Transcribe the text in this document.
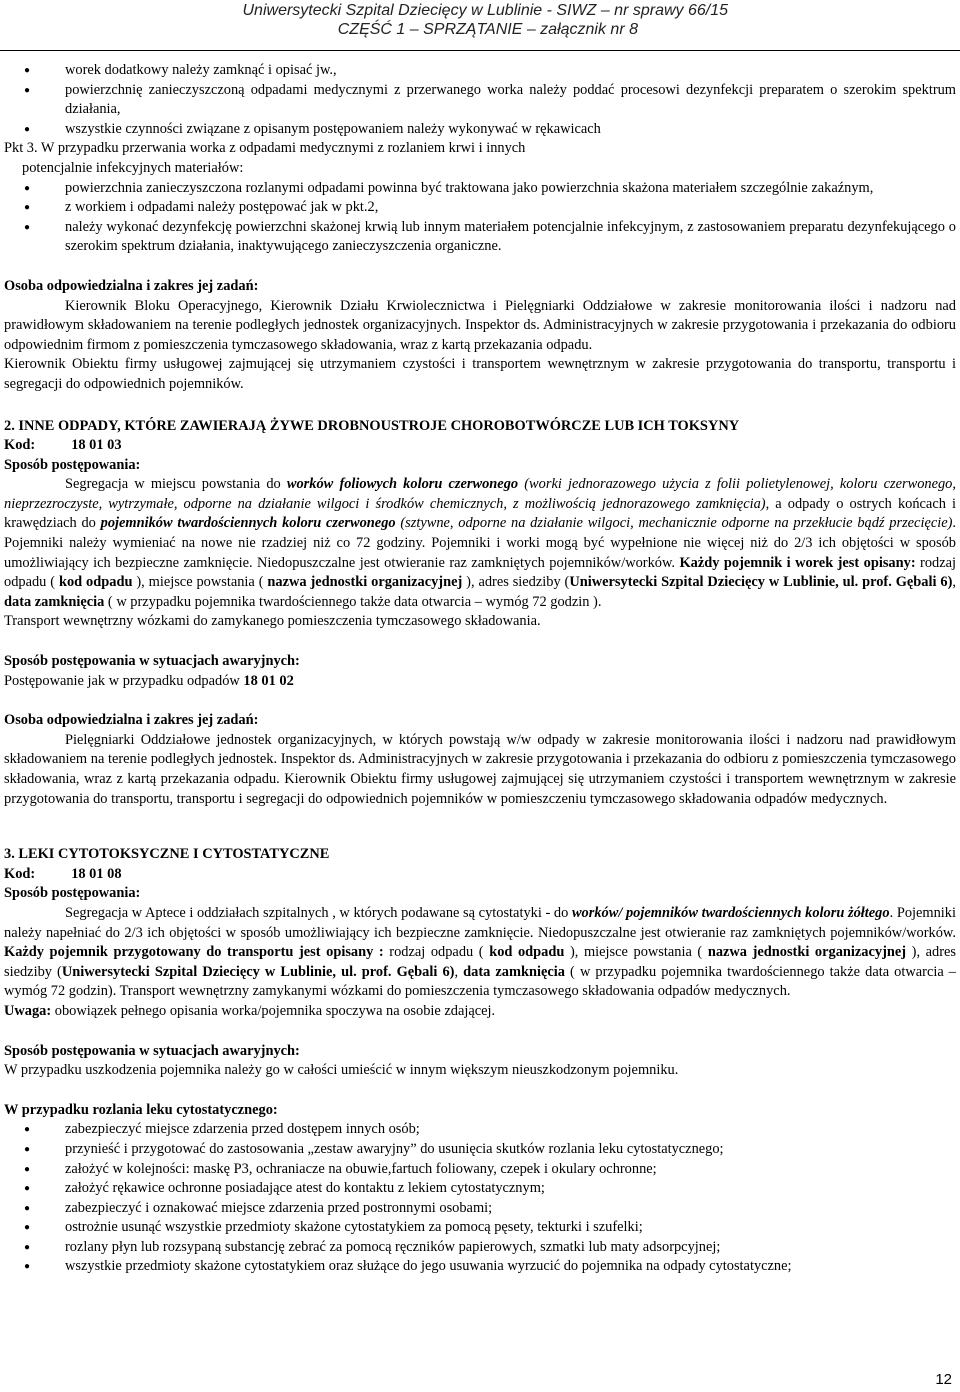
Uniwersytecki Szpital Dziecięcy w Lublinie - SIWZ – nr sprawy 66/15
CZĘŚĆ 1 – SPRZĄTANIE – załącznik nr 8
● worek dodatkowy należy zamknąć i opisać jw.,
● powierzchnię zanieczyszczoną odpadami medycznymi z przerwanego worka należy poddać procesowi dezynfekcji preparatem o szerokim spektrum działania,
● wszystkie czynności związane z opisanym postępowaniem należy wykonywać w rękawicach

Pkt 3. W przypadku przerwania worka z odpadami medycznymi z rozlaniem krwi i innych

potencjalnie infekcyjnych materiałów:

● powierzchnia zanieczyszczona rozlanymi odpadami powinna być traktowana jako powierzchnia skażona materiałem szczególnie zakaźnym,
● z workiem i odpadami należy postępować jak w pkt.2,
● należy wykonać dezynfekcję powierzchni skażonej krwią lub innym materiałem potencjalnie infekcyjnym, z zastosowaniem preparatu dezynfekującego o szerokim spektrum działania, inaktywującego zanieczyszczenia organiczne.

Osoba odpowiedzialna i zakres jej zadań:

Kierownik Bloku Operacyjnego, Kierownik Działu Krwiolecznictwa i Pielęgniarki Oddziałowe w zakresie monitorowania ilości i nadzoru nad prawidłowym składowaniem na terenie podległych jednostek organizacyjnych. Inspektor ds. Administracyjnych w zakresie przygotowania i przekazania do odbioru odpowiednim firmom z pomieszczenia tymczasowego składowania, wraz z kartą przekazania odpadu.

Kierownik Obiektu firmy usługowej zajmującej się utrzymaniem czystości i transportem wewnętrznym w zakresie przygotowania do transportu, transportu i segregacji do odpowiednich pojemników.

2. INNE ODPADY, KTÓRE ZAWIERAJĄ ŻYWE DROBNOUSTROJE CHOROBOTWÓRCZE LUB ICH TOKSYNY

Kod:	18 01 03

Sposób postępowania:

Segregacja w miejscu powstania do worków foliowych koloru czerwonego (worki jednorazowego użycia z folii polietylenowej, koloru czerwonego, nieprzezroczyste, wytrzymałe, odporne na działanie wilgoci i środków chemicznych, z możliwością jednorazowego zamknięcia), a odpady o ostrych końcach i krawędziach do pojemników twardościennych koloru czerwonego (sztywne, odporne na działanie wilgoci, mechanicznie odporne na przekłucie bądź przecięcie). Pojemniki należy wymieniać na nowe nie rzadziej niż co 72 godziny. Pojemniki i worki mogą być wypełnione nie więcej niż do 2/3 ich objętości w sposób umożliwiający ich bezpieczne zamknięcie. Niedopuszczalne jest otwieranie raz zamkniętych pojemników/worków. Każdy pojemnik i worek jest opisany: rodzaj odpadu ( kod odpadu ), miejsce powstania ( nazwa jednostki organizacyjnej ), adres siedziby (Uniwersytecki Szpital Dziecięcy w Lublinie, ul. prof. Gębali 6), data zamknięcia ( w przypadku pojemnika twardościennego także data otwarcia – wymóg 72 godzin ).

Transport wewnętrzny wózkami do zamykanego pomieszczenia tymczasowego składowania.

Sposób postępowania w sytuacjach awaryjnych:

Postępowanie jak w przypadku odpadów 18 01 02

Osoba odpowiedzialna i zakres jej zadań:

Pielęgniarki Oddziałowe jednostek organizacyjnych, w których powstają w/w odpady w zakresie monitorowania ilości i nadzoru nad prawidłowym składowaniem na terenie podległych jednostek. Inspektor ds. Administracyjnych w zakresie przygotowania i przekazania do odbioru z pomieszczenia tymczasowego składowania, wraz z kartą przekazania odpadu. Kierownik Obiektu firmy usługowej zajmującej się utrzymaniem czystości i transportem wewnętrznym w zakresie przygotowania do transportu, transportu i segregacji do odpowiednich pojemników w pomieszczeniu tymczasowego składowania odpadów medycznych.

3. LEKI CYTOTOKSYCZNE I CYTOSTATYCZNE

Kod:	18 01 08

Sposób postępowania:

Segregacja w Aptece i oddziałach szpitalnych , w których podawane są cytostatyki - do worków/ pojemników twardościennych koloru żółtego. Pojemniki należy napełniać do 2/3 ich objętości w sposób umożliwiający ich bezpieczne zamknięcie. Niedopuszczalne jest otwieranie raz zamkniętych pojemników/worków. Każdy pojemnik przygotowany do transportu jest opisany : rodzaj odpadu ( kod odpadu ), miejsce powstania ( nazwa jednostki organizacyjnej ), adres siedziby (Uniwersytecki Szpital Dziecięcy w Lublinie, ul. prof. Gębali 6), data zamknięcia ( w przypadku pojemnika twardościennego także data otwarcia – wymóg 72 godzin). Transport wewnętrzny zamykanymi wózkami do pomieszczenia tymczasowego składowania odpadów medycznych.

Uwaga: obowiązek pełnego opisania worka/pojemnika spoczywa na osobie zdającej.

Sposób postępowania w sytuacjach awaryjnych:

W przypadku uszkodzenia pojemnika należy go w całości umieścić w innym większym nieuszkodzonym pojemniku.

W przypadku rozlania leku cytostatycznego:

● zabezpieczyć miejsce zdarzenia przed dostępem innych osób;
● przynieść i przygotować do zastosowania „zestaw awaryjny” do usunięcia skutków rozlania leku cytostatycznego;
● założyć w kolejności: maskę P3, ochraniacze na obuwie,fartuch foliowany, czepek i okulary ochronne;
● założyć rękawice ochronne posiadające atest do kontaktu z lekiem cytostatycznym;
● zabezpieczyć i oznakować miejsce zdarzenia przed postronnymi osobami;
● ostrożnie usunąć wszystkie przedmioty skażone cytostatykiem za pomocą pęsety, tekturki i szufelki;
● rozlany płyn lub rozsypaną substancję zebrać za pomocą ręczników papierowych, szmatki lub maty adsorpcyjnej;
● wszystkie przedmioty skażone cytostatykiem oraz służące do jego usuwania wyrzucić do pojemnika na odpady cytostatyczne;
12
